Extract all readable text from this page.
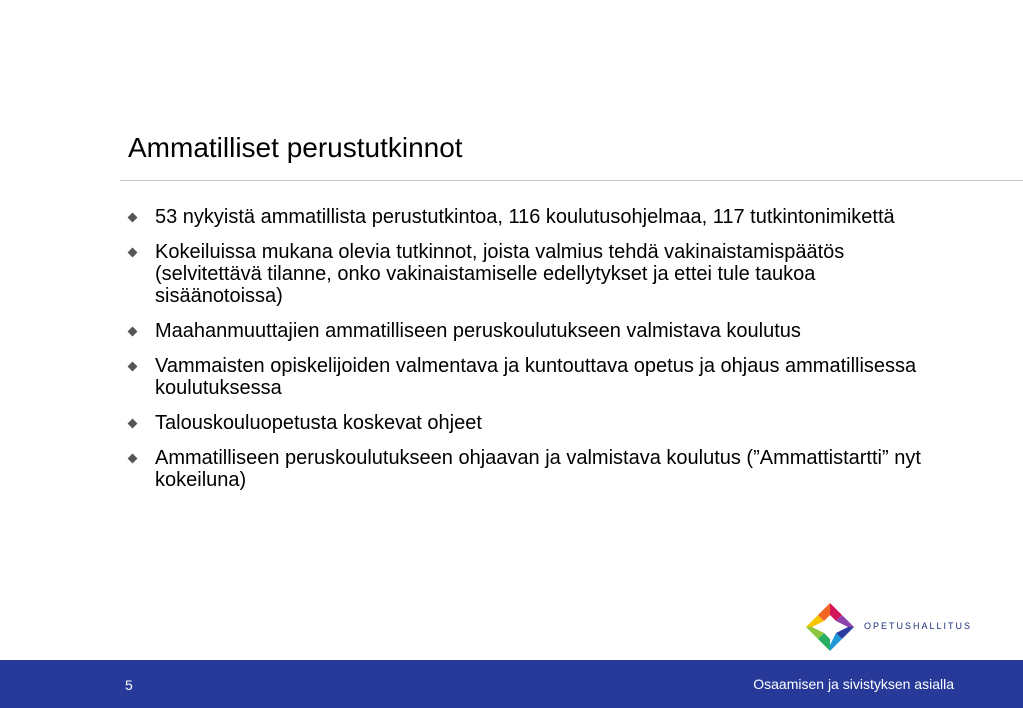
Ammatilliset perustutkinnot
53 nykyistä ammatillista perustutkintoa, 116 koulutusohjelmaa, 117 tutkintonimikettä
Kokeiluissa mukana olevia tutkinnot, joista valmius tehdä vakinaistamispäätös (selvitettävä tilanne, onko vakinaistamiselle edellytykset ja ettei tule taukoa sisäänotoissa)
Maahanmuuttajien ammatilliseen peruskoulutukseen valmistava koulutus
Vammaisten opiskelijoiden valmentava ja kuntouttava opetus ja ohjaus ammatillisessa koulutuksessa
Talouskouluopetusta koskevat ohjeet
Ammatilliseen peruskoulutukseen ohjaavan ja valmistava koulutus (”Ammattistartti” nyt kokeiluna)
OPETUSHALLITUS
5	Osaamisen ja sivistyksen asialla
